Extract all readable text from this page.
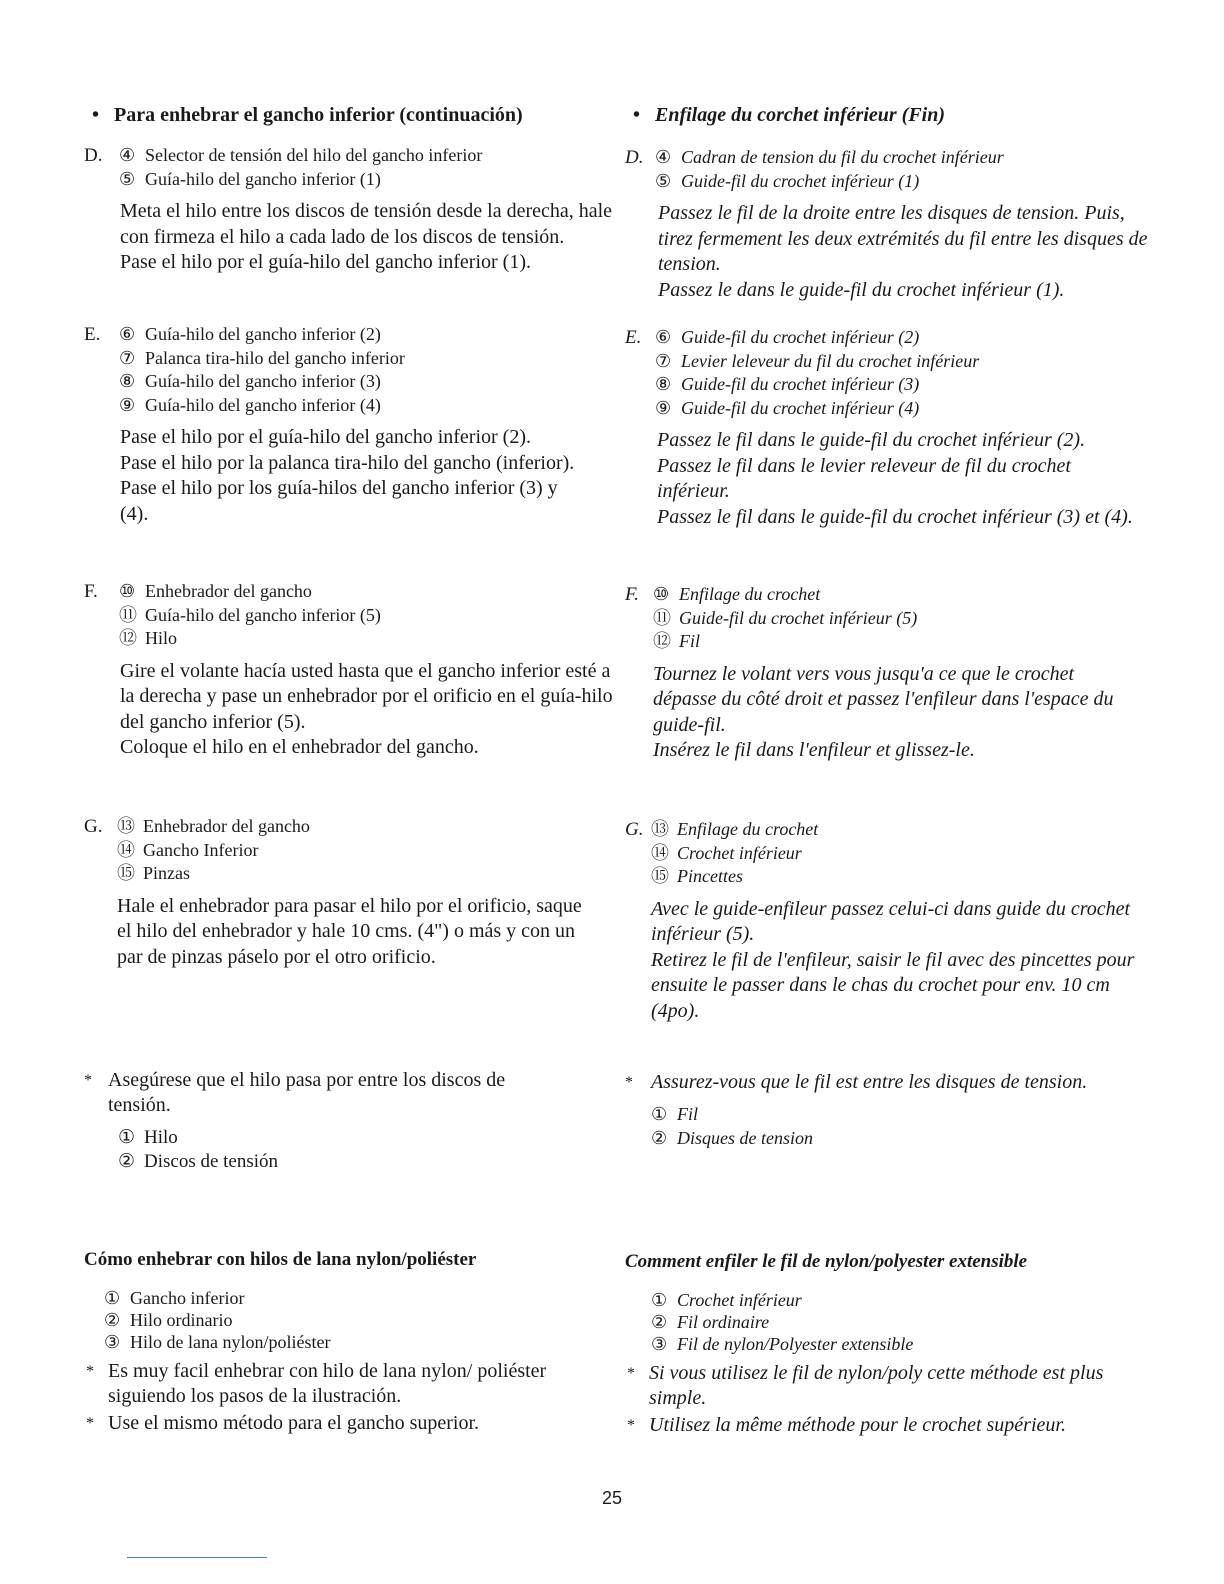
• Para enhebrar el gancho inferior (continuación)
D. ④ Selector de tensión del hilo del gancho inferior
⑤ Guía-hilo del gancho inferior (1)

Meta el hilo entre los discos de tensión desde la derecha, hale con firmeza el hilo a cada lado de los discos de tensión.

Pase el hilo por el guía-hilo del gancho inferior (1).

E. ⑥ Guía-hilo del gancho inferior (2)
⑦ Palanca tira-hilo del gancho inferior
⑧ Guía-hilo del gancho inferior (3)
⑨ Guía-hilo del gancho inferior (4)

Pase el hilo por el guía-hilo del gancho inferior (2).

Pase el hilo por la palanca tira-hilo del gancho (inferior).

Pase el hilo por los guía-hilos del gancho inferior (3) y (4).

F. ⑩ Enhebrador del gancho
⑪ Guía-hilo del gancho inferior (5)
⑫ Hilo

Gire el volante hacía usted hasta que el gancho inferior esté a la derecha y pase un enhebrador por el orificio en el guía-hilo del gancho inferior (5).

Coloque el hilo en el enhebrador del gancho.

G. ⑬ Enhebrador del gancho
⑭ Gancho Inferior
⑮ Pinzas

Hale el enhebrador para pasar el hilo por el orificio, saque el hilo del enhebrador y hale 10 cms. (4") o más y con un par de pinzas páselo por el otro orificio.

* Asegúrese que el hilo pasa por entre los discos de tensión.
① Hilo
② Discos de tensión
Cómo enhebrar con hilos de lana nylon/poliéster
① Gancho inferior
② Hilo ordinario
③ Hilo de lana nylon/poliéster
* Es muy facil enhebrar con hilo de lana nylon/ poliéster siguiendo los pasos de la ilustración.
* Use el mismo método para el gancho superior.
• Enfilage du corchet inférieur (Fin)
D. ④ Cadran de tension du fil du crochet inférieur
⑤ Guide-fil du crochet inférieur (1)

Passez le fil de la droite entre les disques de tension. Puis, tirez fermement les deux extrémités du fil entre les disques de tension.

Passez le dans le guide-fil du crochet inférieur (1).

E. ⑥ Guide-fil du crochet inférieur (2)
⑦ Levier leleveur du fil du crochet inférieur
⑧ Guide-fil du crochet inférieur (3)
⑨ Guide-fil du crochet inférieur (4)

Passez le fil dans le guide-fil du crochet inférieur (2).

Passez le fil dans le levier releveur de fil du crochet inférieur.

Passez le fil dans le guide-fil du crochet inférieur (3) et (4).

F. ⑩ Enfilage du crochet
⑪ Guide-fil du crochet inférieur (5)
⑫ Fil

Tournez le volant vers vous jusqu'a ce que le crochet dépasse du côté droit et passez l'enfileur dans l'espace du guide-fil.

Insérez le fil dans l'enfileur et glissez-le.

G. ⑬ Enfilage du crochet
⑭ Crochet inférieur
⑮ Pincettes

Avec le guide-enfileur passez celui-ci dans guide du crochet inférieur (5).

Retirez le fil de l'enfileur, saisir le fil avec des pincettes pour ensuite le passer dans le chas du crochet pour env. 10 cm (4po).

* Assurez-vous que le fil est entre les disques de tension.
① Fil
② Disques de tension
Comment enfiler le fil de nylon/polyester extensible
① Crochet inférieur
② Fil ordinaire
③ Fil de nylon/Polyester extensible
* Si vous utilisez le fil de nylon/poly cette méthode est plus simple.
* Utilisez la même méthode pour le crochet supérieur.
25
